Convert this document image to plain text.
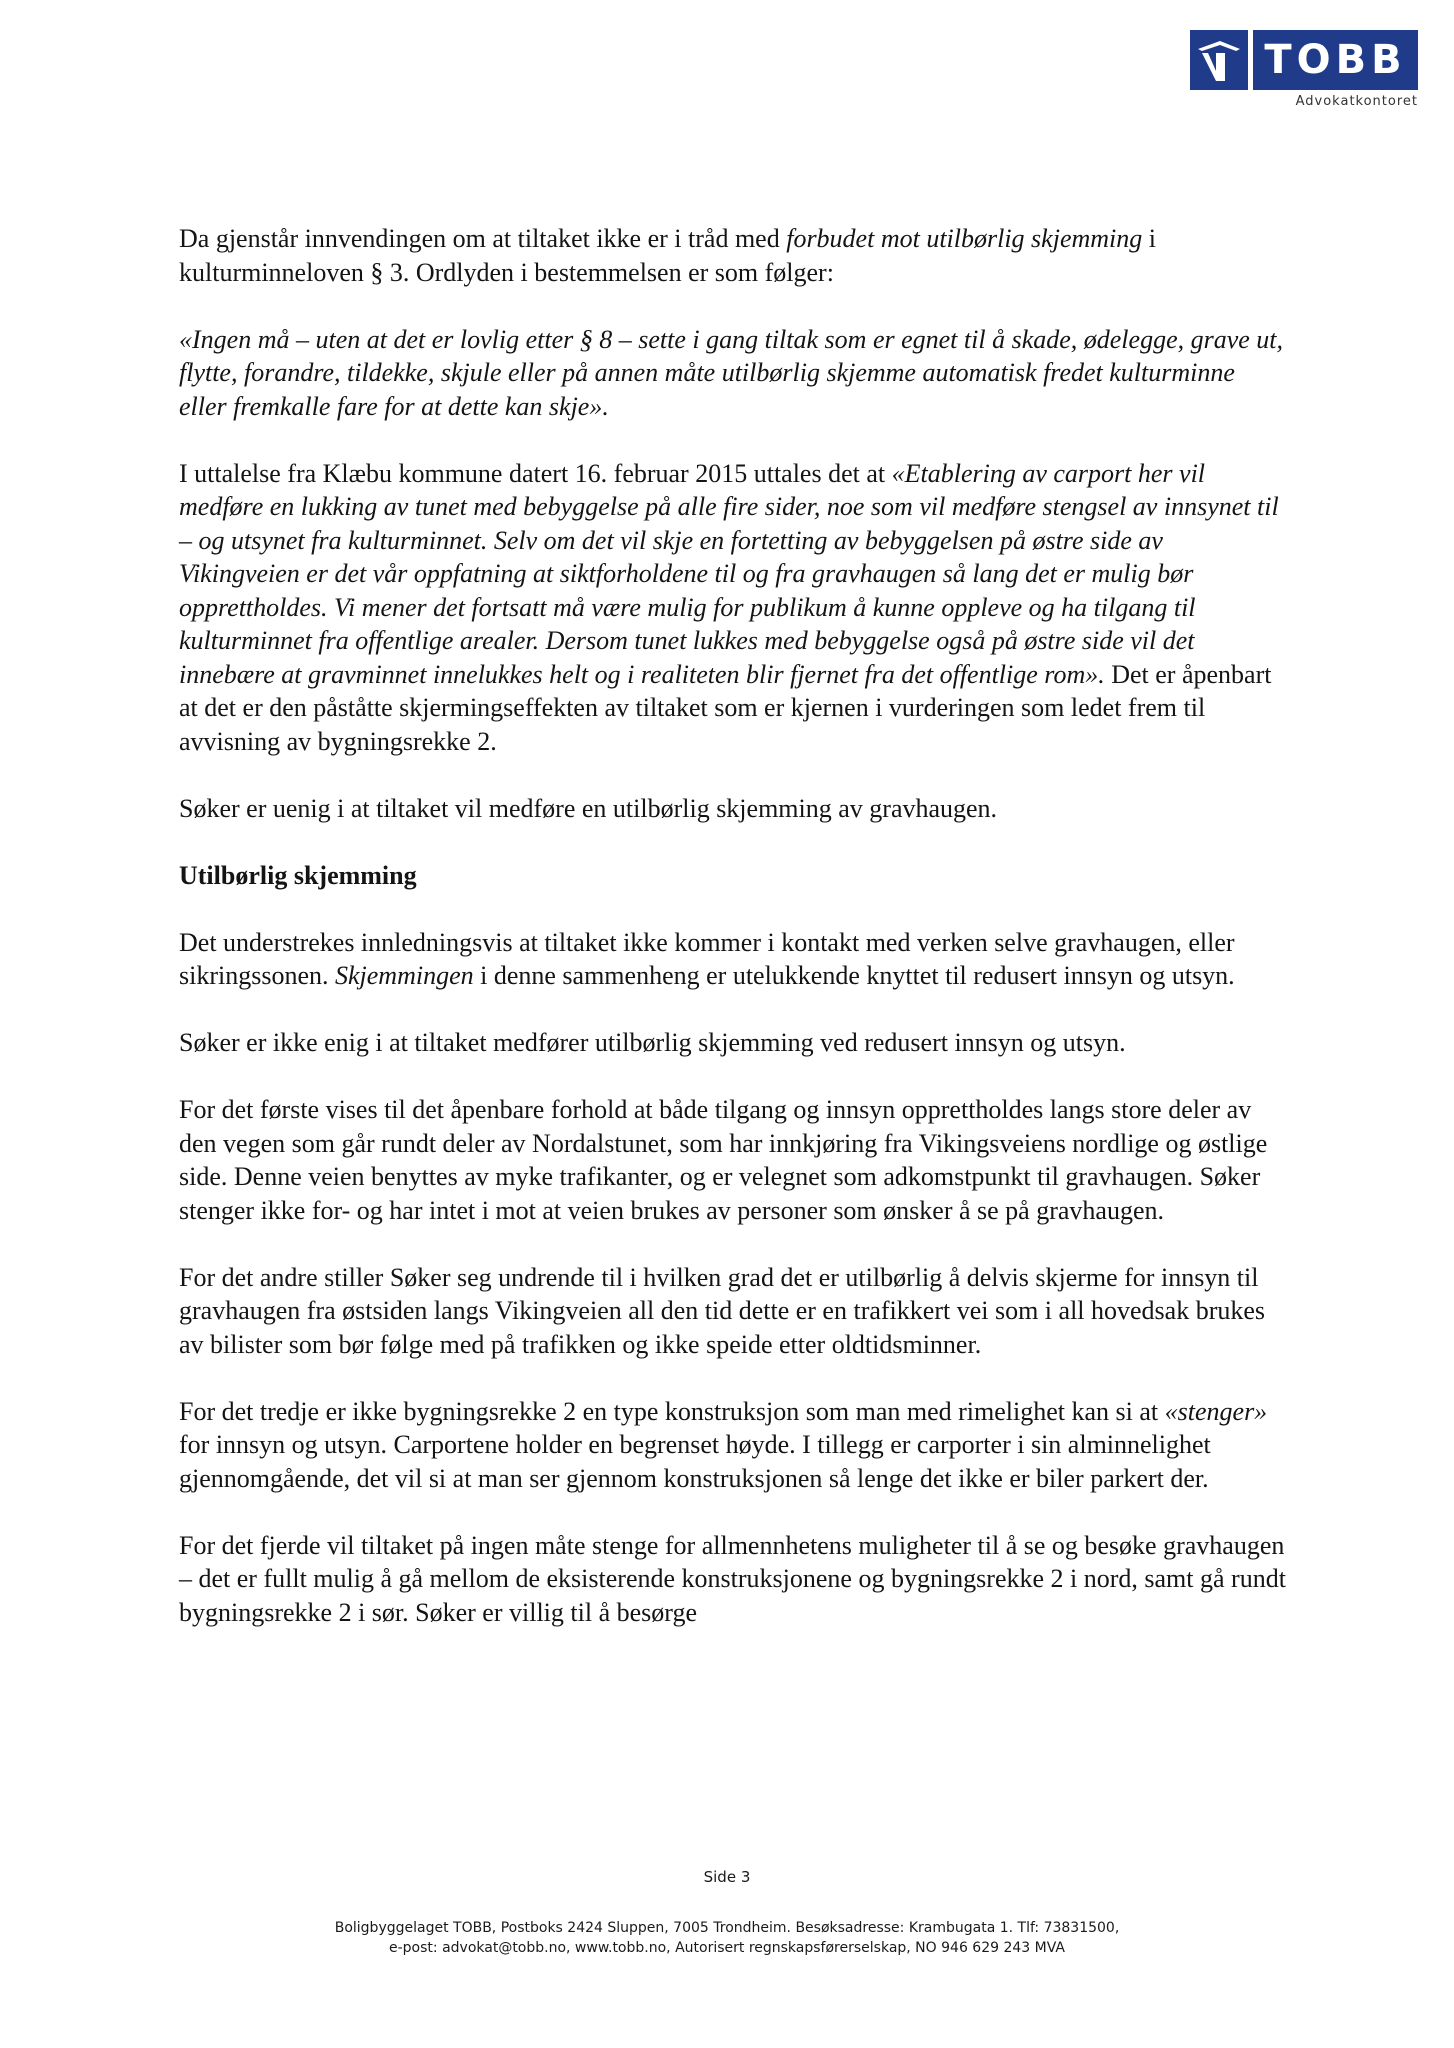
TOBB
Advokatkontoret

Da gjenstår innvendingen om at tiltaket ikke er i tråd med forbudet mot utilbørlig skjemming i kulturminneloven § 3. Ordlyden i bestemmelsen er som følger:

«Ingen må – uten at det er lovlig etter § 8 – sette i gang tiltak som er egnet til å skade, ødelegge, grave ut, flytte, forandre, tildekke, skjule eller på annen måte utilbørlig skjemme automatisk fredet kulturminne eller fremkalle fare for at dette kan skje».

I uttalelse fra Klæbu kommune datert 16. februar 2015 uttales det at «Etablering av carport her vil medføre en lukking av tunet med bebyggelse på alle fire sider, noe som vil medføre stengsel av innsynet til – og utsynet fra kulturminnet. Selv om det vil skje en fortetting av bebyggelsen på østre side av Vikingveien er det vår oppfatning at siktforholdene til og fra gravhaugen så lang det er mulig bør opprettholdes. Vi mener det fortsatt må være mulig for publikum å kunne oppleve og ha tilgang til kulturminnet fra offentlige arealer. Dersom tunet lukkes med bebyggelse også på østre side vil det innebære at gravminnet innelukkes helt og i realiteten blir fjernet fra det offentlige rom». Det er åpenbart at det er den påståtte skjermingseffekten av tiltaket som er kjernen i vurderingen som ledet frem til avvisning av bygningsrekke 2.

Søker er uenig i at tiltaket vil medføre en utilbørlig skjemming av gravhaugen.

Utilbørlig skjemming

Det understrekes innledningsvis at tiltaket ikke kommer i kontakt med verken selve gravhaugen, eller sikringssonen. Skjemmingen i denne sammenheng er utelukkende knyttet til redusert innsyn og utsyn.

Søker er ikke enig i at tiltaket medfører utilbørlig skjemming ved redusert innsyn og utsyn.

For det første vises til det åpenbare forhold at både tilgang og innsyn opprettholdes langs store deler av den vegen som går rundt deler av Nordalstunet, som har innkjøring fra Vikingsveiens nordlige og østlige side. Denne veien benyttes av myke trafikanter, og er velegnet som adkomstpunkt til gravhaugen. Søker stenger ikke for- og har intet i mot at veien brukes av personer som ønsker å se på gravhaugen.

For det andre stiller Søker seg undrende til i hvilken grad det er utilbørlig å delvis skjerme for innsyn til gravhaugen fra østsiden langs Vikingveien all den tid dette er en trafikkert vei som i all hovedsak brukes av bilister som bør følge med på trafikken og ikke speide etter oldtidsminner.

For det tredje er ikke bygningsrekke 2 en type konstruksjon som man med rimelighet kan si at «stenger» for innsyn og utsyn. Carportene holder en begrenset høyde. I tillegg er carporter i sin alminnelighet gjennomgående, det vil si at man ser gjennom konstruksjonen så lenge det ikke er biler parkert der.

For det fjerde vil tiltaket på ingen måte stenge for allmennhetens muligheter til å se og besøke gravhaugen – det er fullt mulig å gå mellom de eksisterende konstruksjonene og bygningsrekke 2 i nord, samt gå rundt bygningsrekke 2 i sør. Søker er villig til å besørge

Side 3
Boligbyggelaget TOBB, Postboks 2424 Sluppen, 7005 Trondheim. Besøksadresse: Krambugata 1. Tlf: 73831500,
e-post: advokat@tobb.no, www.tobb.no, Autorisert regnskapsførerselskap, NO 946 629 243 MVA
